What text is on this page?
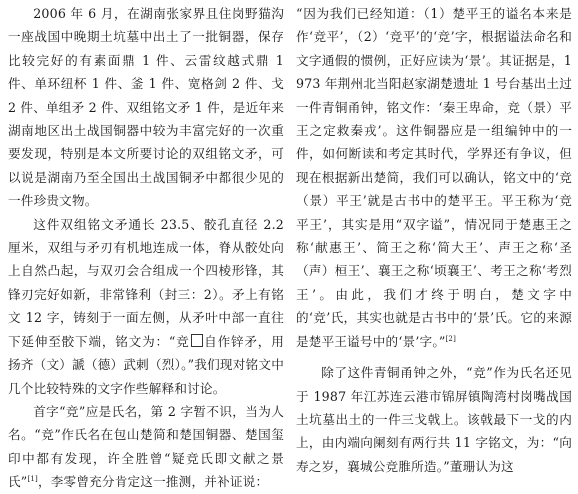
2006 年 6 月，在湖南张家界且住岗野猫沟一座战国中晚期土坑墓中出土了一批铜器，保存比较完好的有素面鼎 1 件、云雷纹越式鼎 1 件、单环纽杯 1 件、釜 1 件、宽格剑 2 件、戈 2 件、单组矛 2 件、双组铭文矛 1 件，是近年来湖南地区出土战国铜器中较为丰富完好的一次重要发现，特别是本文所要讨论的双组铭文矛，可以说是湖南乃至全国出土战国铜矛中都很少见的一件珍贵文物。

这件双组铭文矛通长 23.5、骹孔直径 2.2 厘米，双组与矛刃有机地连成一体，脊从骹处向上自然凸起，与双刃会合组成一个四棱形锋，其锋刃完好如新，非常锋利（封三：2）。矛上有铭文 12 字，铸刻于一面左侧，从矛叶中部一直往下延伸至骹下端，铭文为：“竞 自作锌矛，用扬齐（文）謕（德）武剌（烈）。”我们现对铭文中几个比较特殊的文字作些解释和讨论。

首字“竞”应是氏名，第 2 字暂不识，当为人名。“竞”作氏名在包山楚简和楚国铜器、楚国玺印中都有发现，许全胜曾“疑竞氏即文献之景氏”[1]，李零曾充分肯定这一推测，并补证说：

“因为我们已经知道：（1）楚平王的谥名本来是作‘竞平’，（2）‘竞平’的‘竞’字，根据谥法命名和文字通假的惯例，正好应读为‘景’。其证据是，1973 年荆州北当阳赵家湖楚遗址 1 号台基出土过一件青铜甬钟，铭文作：‘秦王卑命，竞（景）平王之定救秦戎’。这件铜器应是一组编钟中的一件，如何断读和考定其时代，学界还有争议，但现在根据新出楚简，我们可以确认，铭文中的‘竞（景）平王’就是古书中的楚平王。平王称为‘竞平王’，其实是用“双字谥”，情况同于楚惠王之称‘献惠王’、简王之称‘简大王’、声王之称‘圣（声）桓王’、襄王之称‘顷襄王’、考王之称‘考烈王’。由此，我们才终于明白，楚文字中的‘竞’氏，其实也就是古书中的‘景’氏。它的来源是楚平王谥号中的‘景’字。”[2]

除了这件青铜甬钟之外，“竞”作为氏名还见于 1987 年江苏连云港市锦屏镇陶湾村岗嘴战国土坑墓出土的一件三戈戟上。该戟最下一戈的内上，由内端向阑刻有两行共 11 字铭文，为：“向寿之岁，襄城公竞脽所造。”董珊认为这
